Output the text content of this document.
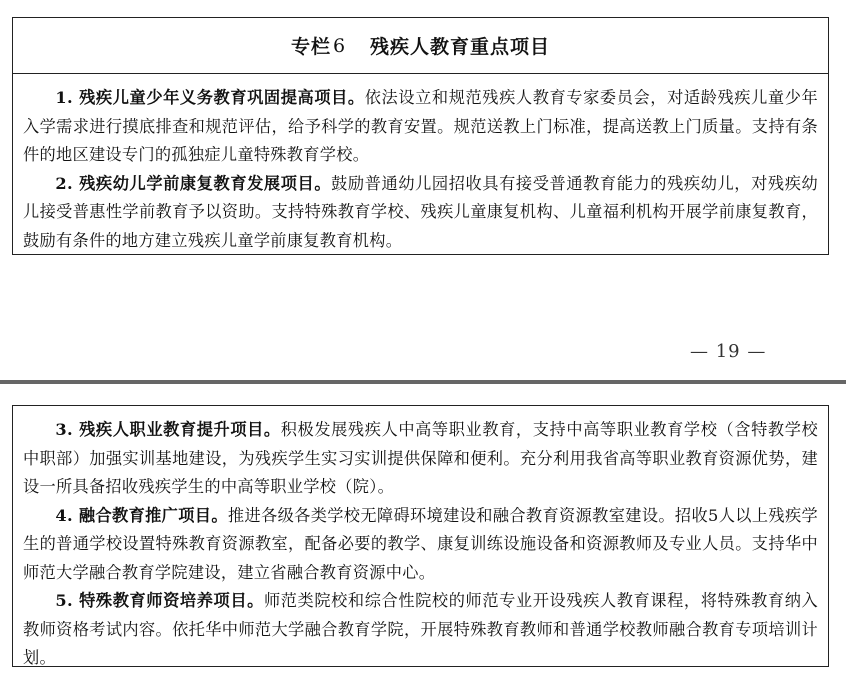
专栏 6 残疾人教育重点项目

1. 残疾儿童少年义务教育巩固提高项目。依法设立和规范残疾人教育专家委员会，对适龄残疾儿童少年入学需求进行摸底排查和规范评估，给予科学的教育安置。规范送教上门标准，提高送教上门质量。支持有条件的地区建设专门的孤独症儿童特殊教育学校。

2. 残疾幼儿学前康复教育发展项目。鼓励普通幼儿园招收具有接受普通教育能力的残疾幼儿，对残疾幼儿接受普惠性学前教育予以资助。支持特殊教育学校、残疾儿童康复机构、儿童福利机构开展学前康复教育，鼓励有条件的地方建立残疾儿童学前康复教育机构。

— 19 —

3. 残疾人职业教育提升项目。积极发展残疾人中高等职业教育，支持中高等职业教育学校（含特教学校中职部）加强实训基地建设，为残疾学生实习实训提供保障和便利。充分利用我省高等职业教育资源优势，建设一所具备招收残疾学生的中高等职业学校（院）。

4. 融合教育推广项目。推进各级各类学校无障碍环境建设和融合教育资源教室建设。招收5人以上残疾学生的普通学校设置特殊教育资源教室，配备必要的教学、康复训练设施设备和资源教师及专业人员。支持华中师范大学融合教育学院建设，建立省融合教育资源中心。

5. 特殊教育师资培养项目。师范类院校和综合性院校的师范专业开设残疾人教育课程，将特殊教育纳入教师资格考试内容。依托华中师范大学融合教育学院，开展特殊教育教师和普通学校教师融合教育专项培训计划。
